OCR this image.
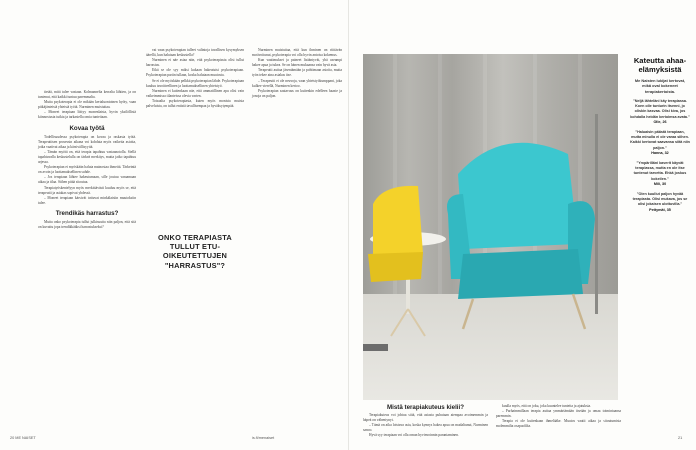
tietää, mitä tulee vastaan. Kolmannelta kerralta lähtien, ja on tuntenut, että kaikki tuntuu paremmalta.

Mutta psykoterapia ei ole mikään kertaluontoinen hyöty, vaan pitkäjänteistä yhteistä työtä. Nurminen muistuttaa.

– Moneet terapiaan liittyy monenlaista, hyvin yksilöllistä kiinnostusta tutkia ja tarkastella omia tunteitaan.

Kovaa työtä

Todellisuudessa psykoterapia on kovaa ja raskasta työtä. Terapeuttisen prosessin aikana voi kohdata myös vaikeita asioita, jotka vaativat aikaa ja kärsivällisyyttä.

– Tämän myötä on, että terapia tapahtuu vastaanotolla. Siellä tapahtuvalla keskustelulla on tärkeä merkitys, mutta jatko tapahtuu arjessa.

Psykoterapian ei myöskään haluta mainostaa ihmeitä. Tärkeintä on avoin ja luottamuksellinen suhde.

– Jos terapiaan lähtee hakeutumaan, sille joutuu varaamaan aikaa ja tilaa. Siihen pitää sitoutua.

Terapiatyöskentelyyn myös merkittävästi kuuluu myös se, että terapeutti ja asiakas sopivat yhdessä.

– Moneet terapiaan kärsivät tottuvat minkälaisiin muutoksiin tulee.

Trendikäs harrastus?

Mutta onko psykoterapia tullut julkisuutta niin paljon, että sitä on kuvattu jopa trendikkääksi harrastukseksi?

vai vaan psykoterapian tulleet valintoja tavallisen kysymyksen äärellä, kun halutaan keskustella?

Nurminen ei näe asiaa niin, että psykoterapiasta olisi tullut harrastus.

Eikä se ole syy miksi kukaan hakeutuisi psykoterapiaan. Psykoterapian pariin tullaan, koska halutaan muutosta.

Se ei ole myöskään pelkkä psykoterapian lähde. Psykoterapiaan kuuluu tavoitteellinen ja luottamuksellinen yhteistyö.

Nurminen ei kuitenkaan näe, että ammatillinen apu olisi vain vaikeimmissa tilanteissa olevia varten.

Toisaalta psykoterapiasta, kuten myös monista muista palveluista, on tullut entistä tavallisempaa ja hyväksytympää.

ONKO TERAPIASTA TULLUT ETU-OIKEUTETTUJEN "HARRASTUS"?

Nurminen muistuttaa, että kun ihminen on riittävän motivoitunut, psykoterapia voi olla hyvin antoisa kokemus.

Kun vaatimukset ja paineet lisääntyvät, yhä useampi hakee apua ja tukea. Se on hänen mukaansa vain hyvä asia.

Terapeutti auttaa jäsentämään ja pohtimaan asioita, mutta työn tekee aina asiakas itse.

– Terapeutti ei ole neuvoja, vaan yhteistyökumppani, joka kulkee vierellä, Nurminen kertoo.

Psykoterapian saatavuus on kuitenkin edelleen haaste ja jonoja on paljon.

Kateutta ahaa-elämyksistä
Me Naisten lukijat kertovat, mikä oval kokeneet terapiakertoista.
"Neljä lähteläni käy terapiassa. Koen olle tunturin itsenni, jo oliskin kasvaa. Olisi kiva, jos kohdalla heidän kertoimsa avata."
Olle, 26
"Haluaisin päästä terapiaan, mutta minulla ei ole varaa siihen. Kaikki kertovat saavansa siitä niin paljon."
Hanna, 32
"Ympärilläni kaverit käyvät terapiassa, mutta en ole itse tuntenut tarvetta. Ehkä joskus kokeilen."
Mili, 30
"Olen kuullut paljon hyvää terapiasta. Olisi mukava, jos se olisi jokaisen ulottuvilla."
Pettymät, 35
Mistä terapiakuteus kielii?

Terapiakuteus voi johtua siitä, että asiasta puhutaan aiempaa avoimemmin ja häpeä on vähentynyt.

– Tämä on aika loistava asia, koska kynnys hakea apua on madaltunut, Nurminen sanoo.

Hyvä syy terapiaan voi olla oman hyvinvoinnin parantaminen.

kuulla myös, että on joku, joka kuuntelee tunteita ja ajatuksia.

– Parhaimmillaan terapia auttaa ymmärtämään itseään ja omaa toimintaansa paremmin.

Terapia ei ole kuitenkaan ihmelääke. Muutos vaatii aikaa ja sitoutumista molemmilta osapuolilta.

20 ME NAISET	is.fi/menaiset	21
